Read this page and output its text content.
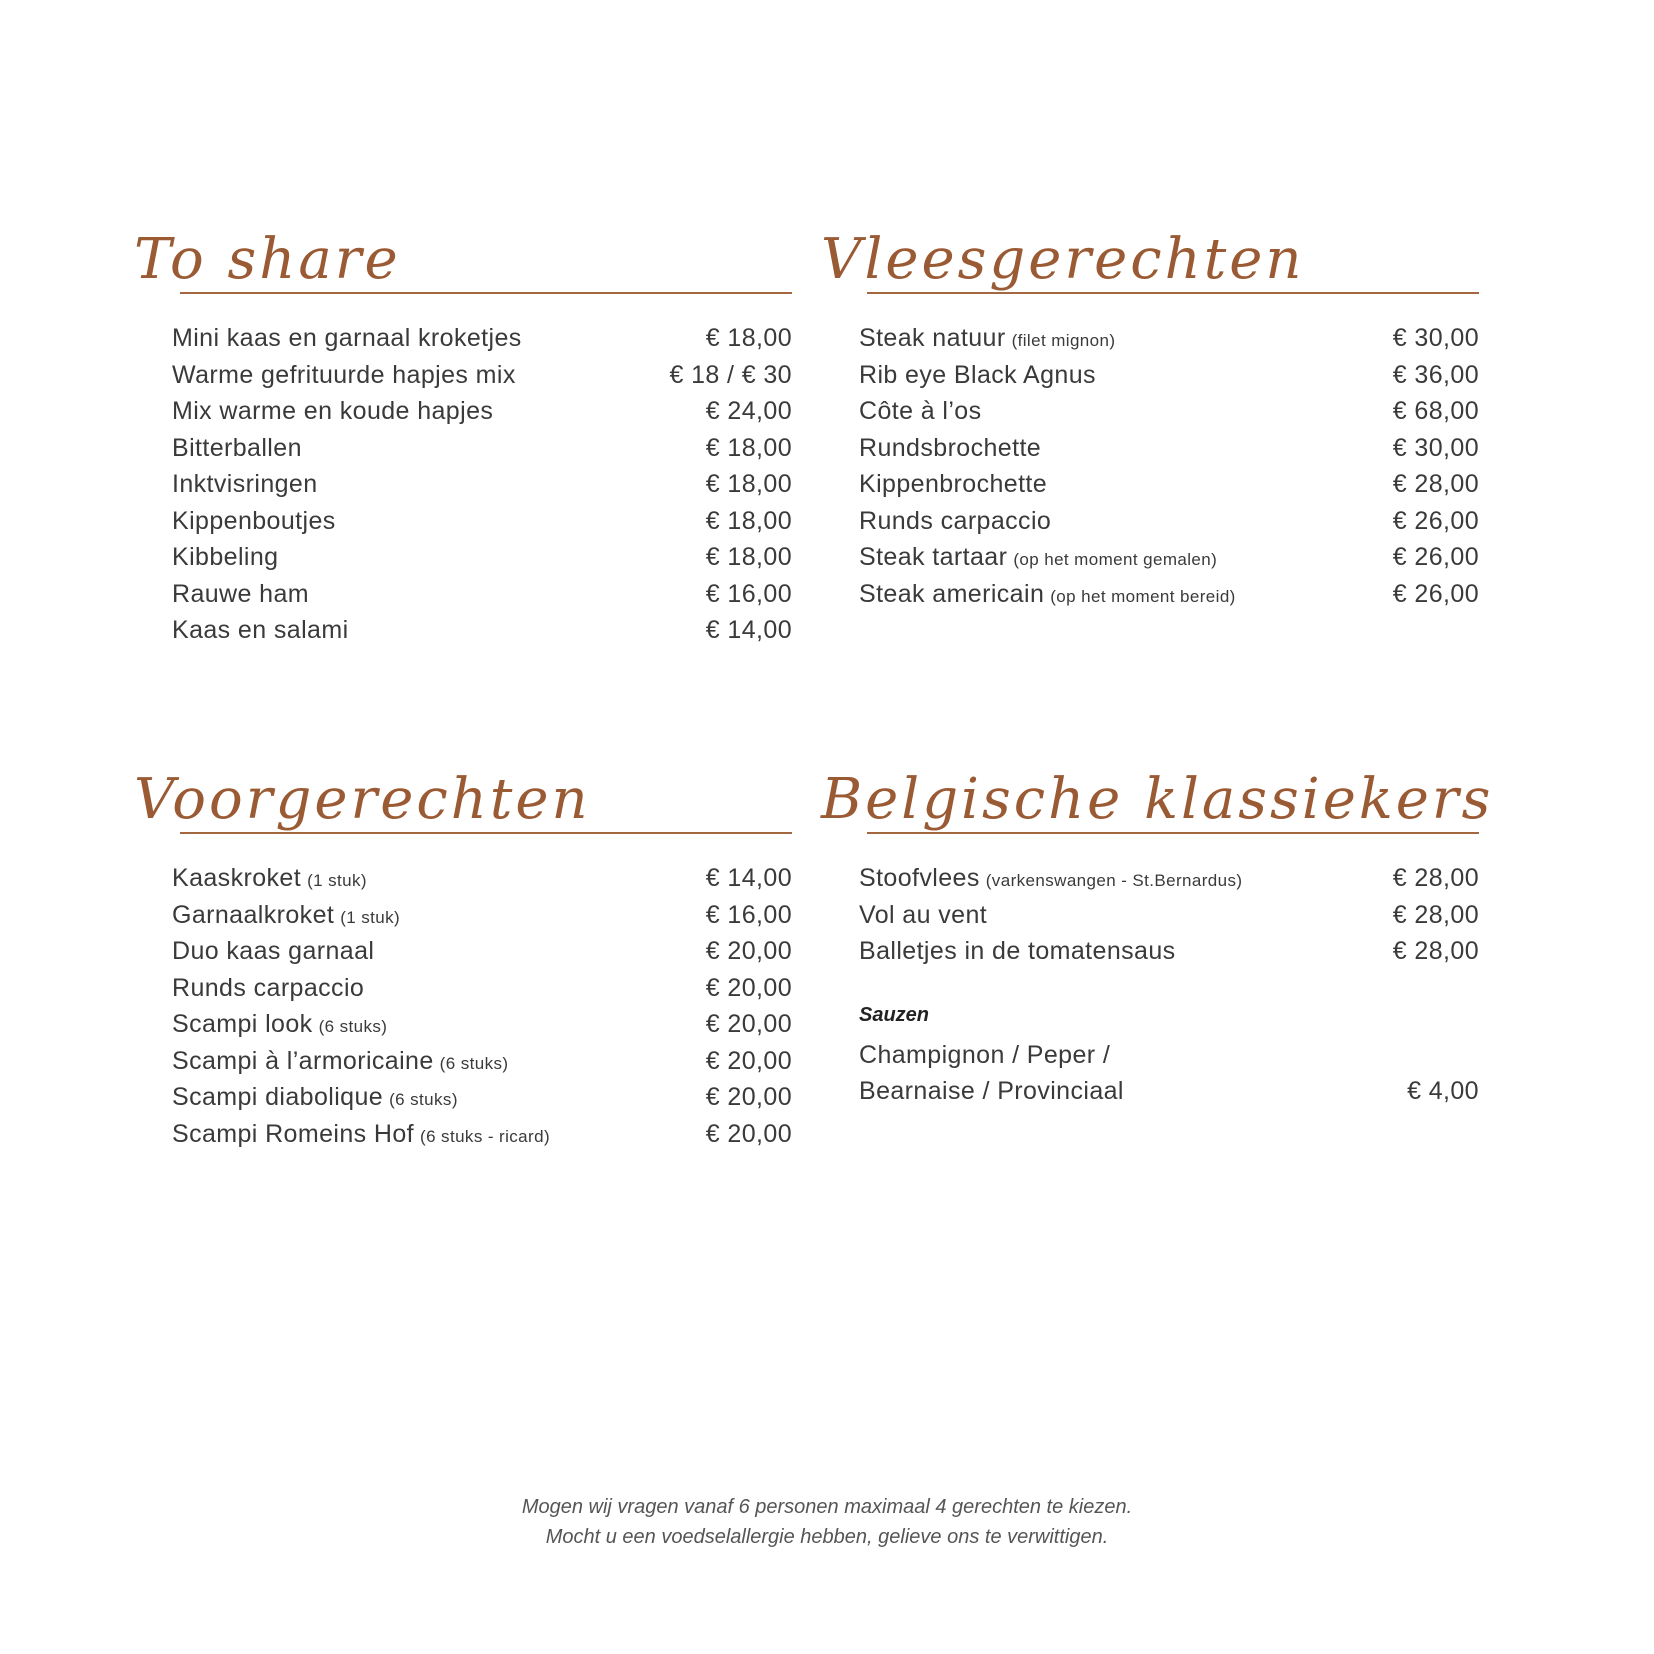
To share
Mini kaas en garnaal kroketjes	€ 18,00
Warme gefrituurde hapjes mix	€ 18 / € 30
Mix warme en koude hapjes	€ 24,00
Bitterballen	€ 18,00
Inktvisringen	€ 18,00
Kippenboutjes	€ 18,00
Kibbeling	€ 18,00
Rauwe ham	€ 16,00
Kaas en salami	€ 14,00
Vleesgerechten
Steak natuur (filet mignon)	€ 30,00
Rib eye Black Agnus	€ 36,00
Côte à l’os	€ 68,00
Rundsbrochette	€ 30,00
Kippenbrochette	€ 28,00
Runds carpaccio	€ 26,00
Steak tartaar (op het moment gemalen)	€ 26,00
Steak americain (op het moment bereid)	€ 26,00
Voorgerechten
Kaaskroket (1 stuk)	€ 14,00
Garnaalkroket (1 stuk)	€ 16,00
Duo kaas garnaal	€ 20,00
Runds carpaccio	€ 20,00
Scampi look (6 stuks)	€ 20,00
Scampi à l’armoricaine (6 stuks)	€ 20,00
Scampi diabolique (6 stuks)	€ 20,00
Scampi Romeins Hof (6 stuks - ricard)	€ 20,00
Belgische klassiekers
Stoofvlees (varkenswangen - St.Bernardus)	€ 28,00
Vol au vent	€ 28,00
Balletjes in de tomatensaus	€ 28,00
Sauzen
Champignon / Peper /
Bearnaise / Provinciaal	€ 4,00
Mogen wij vragen vanaf 6 personen maximaal 4 gerechten te kiezen.
Mocht u een voedselallergie hebben, gelieve ons te verwittigen.
